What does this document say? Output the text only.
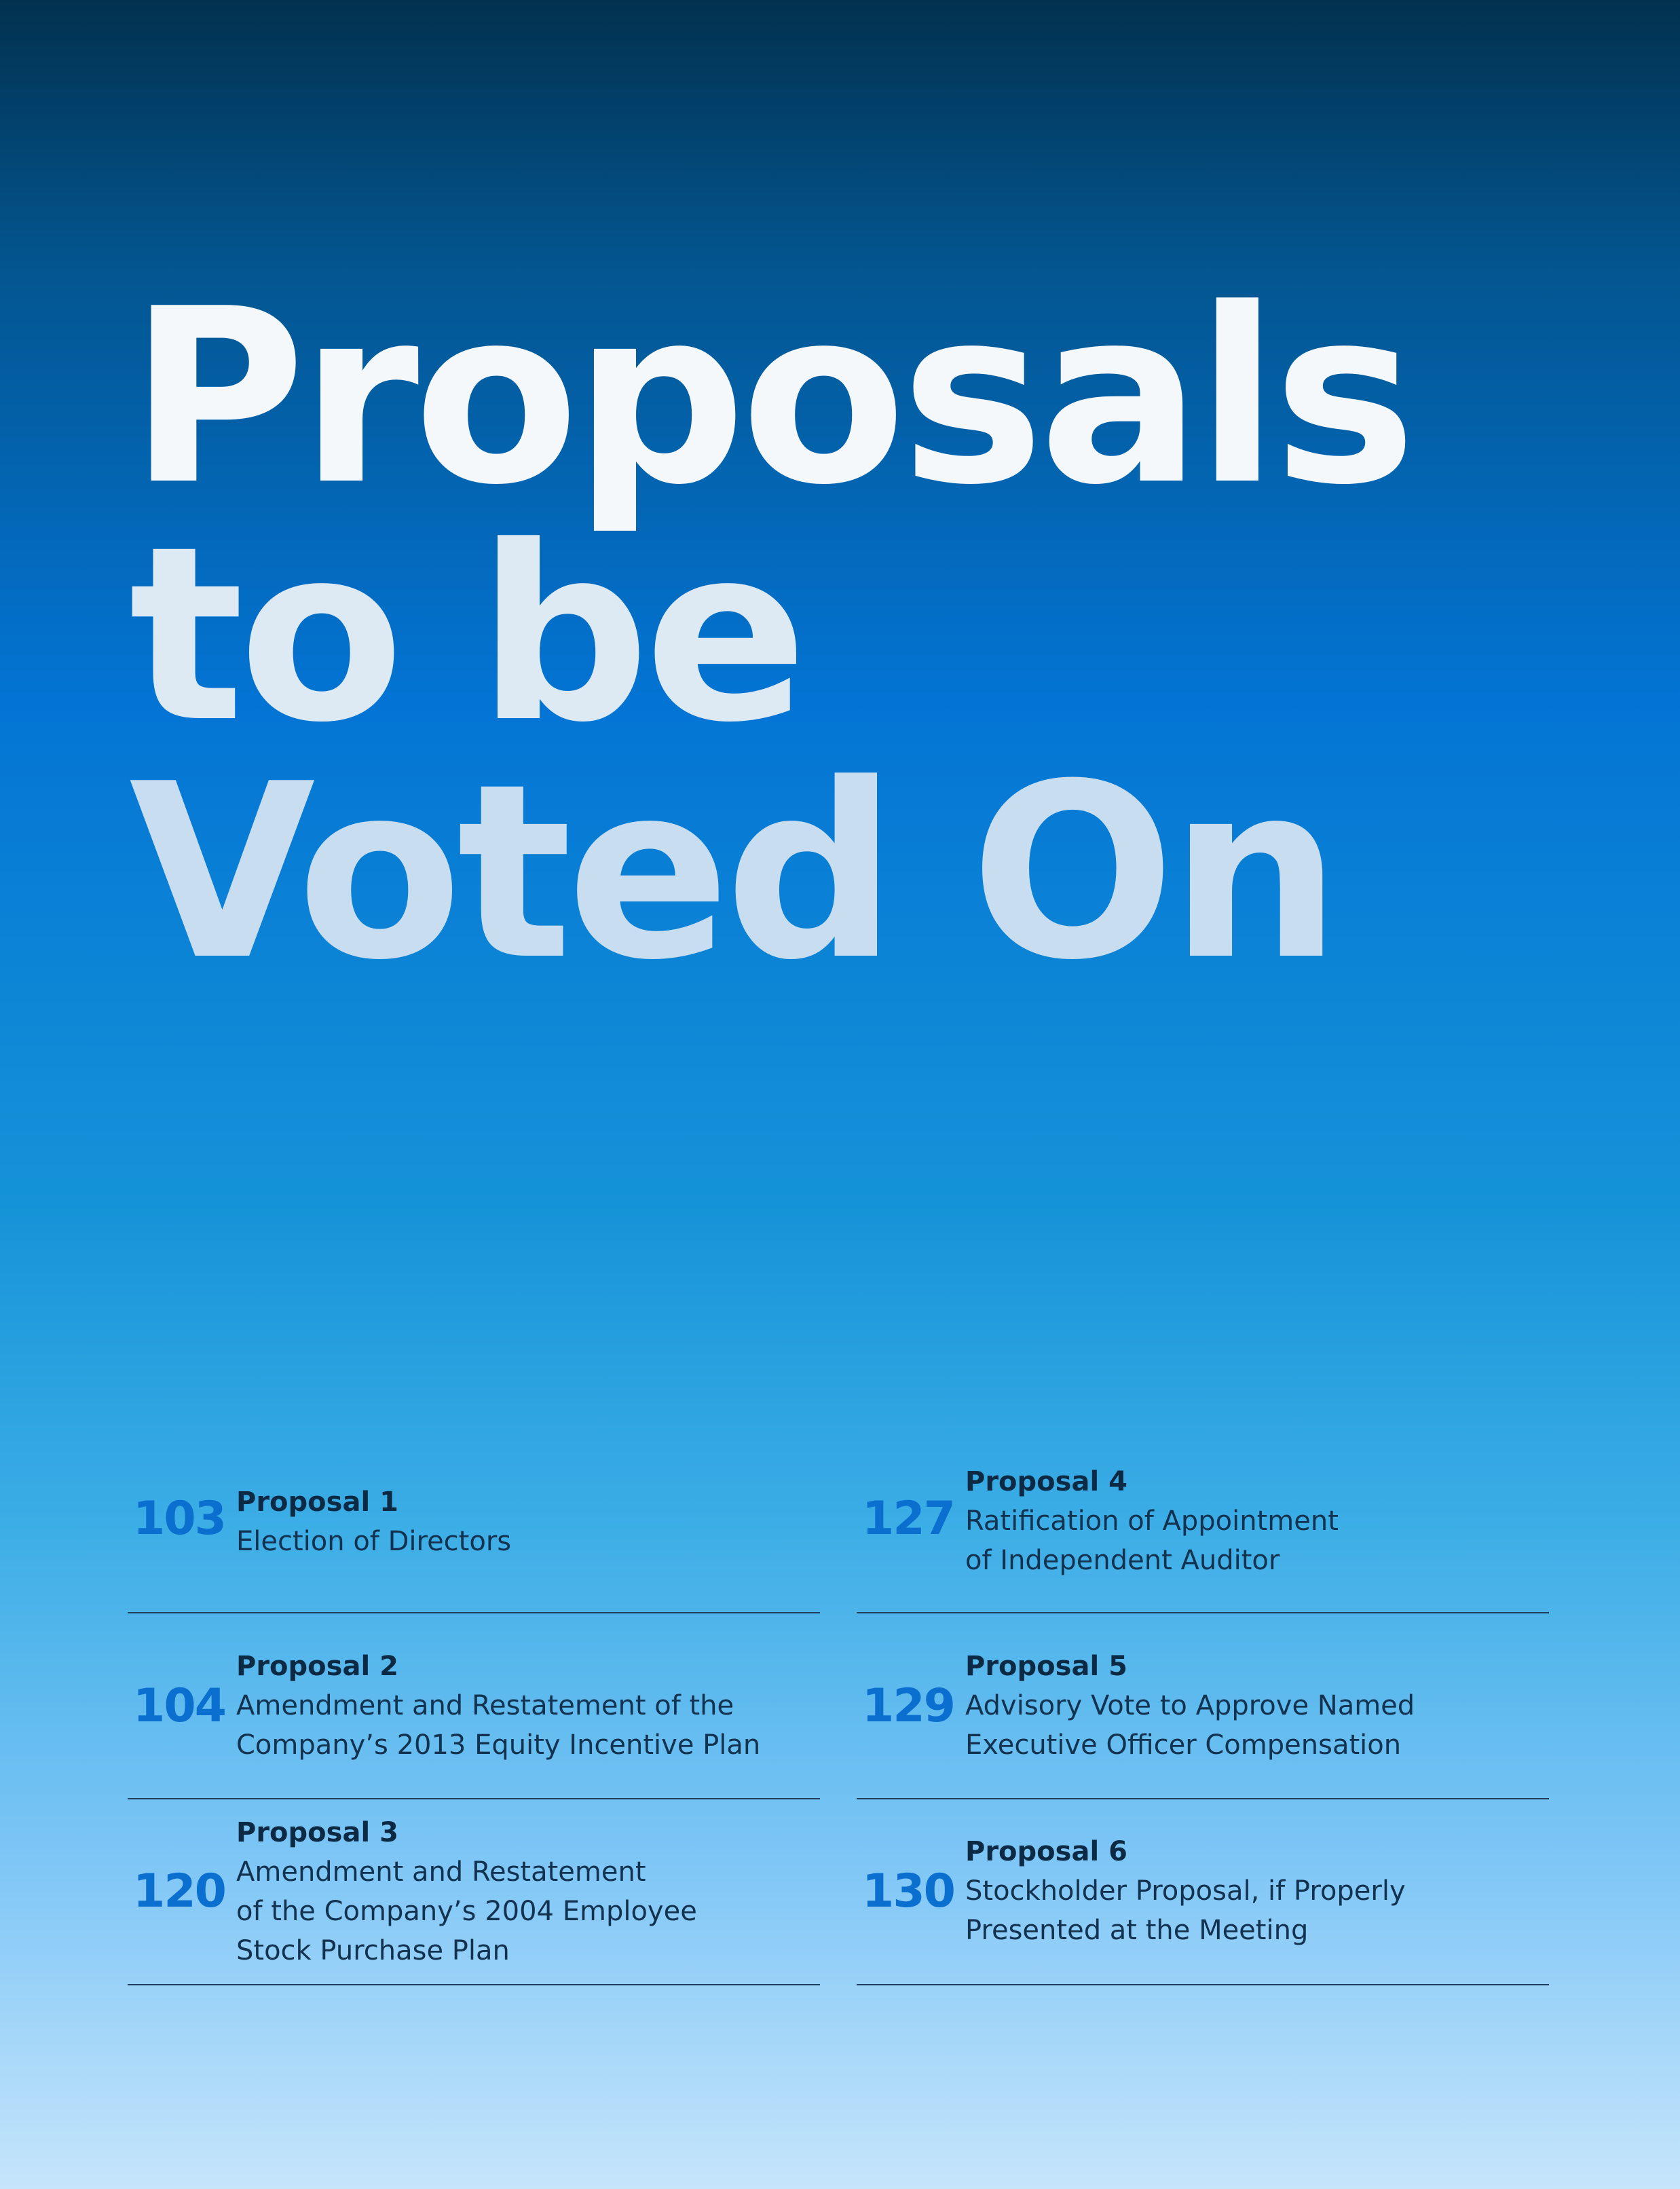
Proposals
to be
Voted On
103 Proposal 1
Election of Directors
104
Proposal 2
Amendment and Restatement of the
Company’s 2013 Equity Incentive Plan
120
Proposal 3
Amendment and Restatement
of the Company’s 2004 Employee
Stock Purchase Plan
127
Proposal 4
Ratification of Appointment
of Independent Auditor
129
Proposal 5
Advisory Vote to Approve Named
Executive Officer Compensation
130
Proposal 6
Stockholder Proposal, if Properly
Presented at the Meeting
